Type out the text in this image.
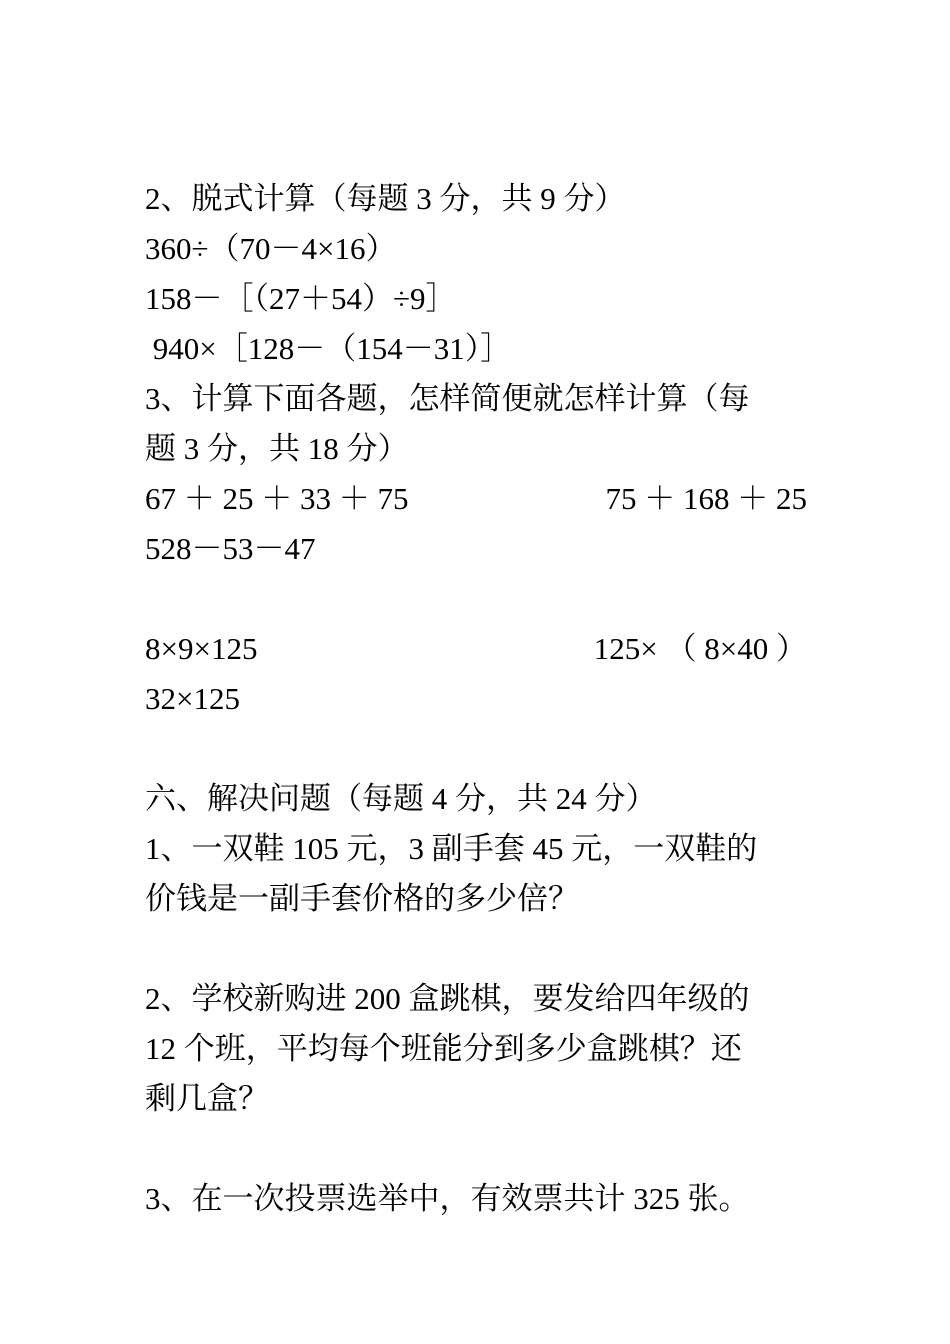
2、脱式计算（每题 3 分，共 9 分）
360÷（70－4×16）
158－［（27＋54）÷9］
940×［128－（154－31）］
3、计算下面各题，怎样简便就怎样计算（每
题 3 分，共 18 分）
67 ＋ 25 ＋ 33 ＋ 75	75 ＋ 168 ＋ 25
528－53－47
8×9×125	125× （ 8×40 ）
32×125
六、解决问题（每题 4 分，共 24 分）
1、一双鞋 105 元，3 副手套 45 元，一双鞋的
价钱是一副手套价格的多少倍？
2、学校新购进 200 盒跳棋，要发给四年级的
12 个班，平均每个班能分到多少盒跳棋？还
剩几盒？
3、在一次投票选举中，有效票共计 325 张。
